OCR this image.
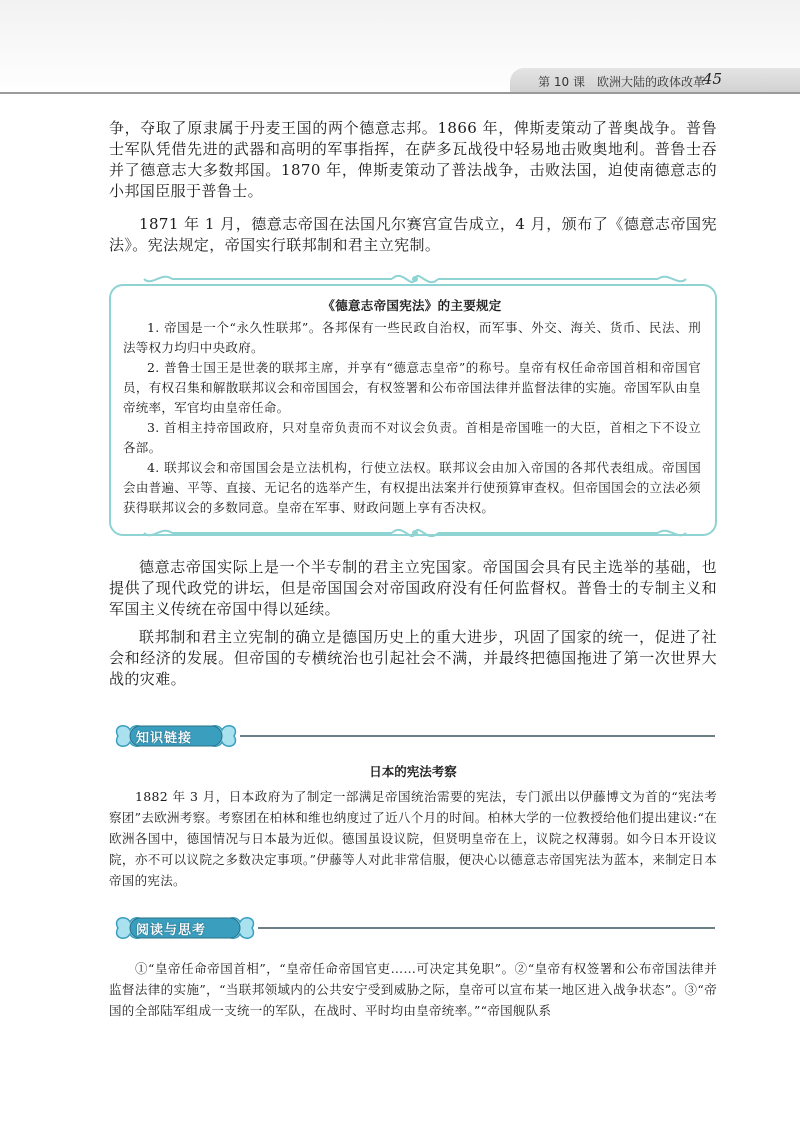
第 10 课　欧洲大陆的政体改革
45

争，夺取了原隶属于丹麦王国的两个德意志邦。1866 年，俾斯麦策动了普奥战争。普鲁士军队凭借先进的武器和高明的军事指挥，在萨多瓦战役中轻易地击败奥地利。普鲁士吞并了德意志大多数邦国。1870 年，俾斯麦策动了普法战争，击败法国，迫使南德意志的小邦国臣服于普鲁士。

1871 年 1 月，德意志帝国在法国凡尔赛宫宣告成立，4 月，颁布了《德意志帝国宪法》。宪法规定，帝国实行联邦制和君主立宪制。

《德意志帝国宪法》的主要规定

1. 帝国是一个“永久性联邦”。各邦保有一些民政自治权，而军事、外交、海关、货币、民法、刑法等权力均归中央政府。

2. 普鲁士国王是世袭的联邦主席，并享有“德意志皇帝”的称号。皇帝有权任命帝国首相和帝国官员，有权召集和解散联邦议会和帝国国会，有权签署和公布帝国法律并监督法律的实施。帝国军队由皇帝统率，军官均由皇帝任命。

3. 首相主持帝国政府，只对皇帝负责而不对议会负责。首相是帝国唯一的大臣，首相之下不设立各部。

4. 联邦议会和帝国国会是立法机构，行使立法权。联邦议会由加入帝国的各邦代表组成。帝国国会由普遍、平等、直接、无记名的选举产生，有权提出法案并行使预算审查权。但帝国国会的立法必须获得联邦议会的多数同意。皇帝在军事、财政问题上享有否决权。

德意志帝国实际上是一个半专制的君主立宪国家。帝国国会具有民主选举的基础，也提供了现代政党的讲坛，但是帝国国会对帝国政府没有任何监督权。普鲁士的专制主义和军国主义传统在帝国中得以延续。

联邦制和君主立宪制的确立是德国历史上的重大进步，巩固了国家的统一，促进了社会和经济的发展。但帝国的专横统治也引起社会不满，并最终把德国拖进了第一次世界大战的灾难。

知识链接
日本的宪法考察

1882 年 3 月，日本政府为了制定一部满足帝国统治需要的宪法，专门派出以伊藤博文为首的“宪法考察团”去欧洲考察。考察团在柏林和维也纳度过了近八个月的时间。柏林大学的一位教授给他们提出建议:“在欧洲各国中，德国情况与日本最为近似。德国虽设议院，但贤明皇帝在上，议院之权薄弱。如今日本开设议院，亦不可以议院之多数决定事项。”伊藤等人对此非常信服，便决心以德意志帝国宪法为蓝本，来制定日本帝国的宪法。

阅读与思考

①“皇帝任命帝国首相”，“皇帝任命帝国官吏……可决定其免职”。②“皇帝有权签署和公布帝国法律并监督法律的实施”，“当联邦领域内的公共安宁受到威胁之际，皇帝可以宣布某一地区进入战争状态”。③“帝国的全部陆军组成一支统一的军队，在战时、平时均由皇帝统率。”“帝国舰队系
